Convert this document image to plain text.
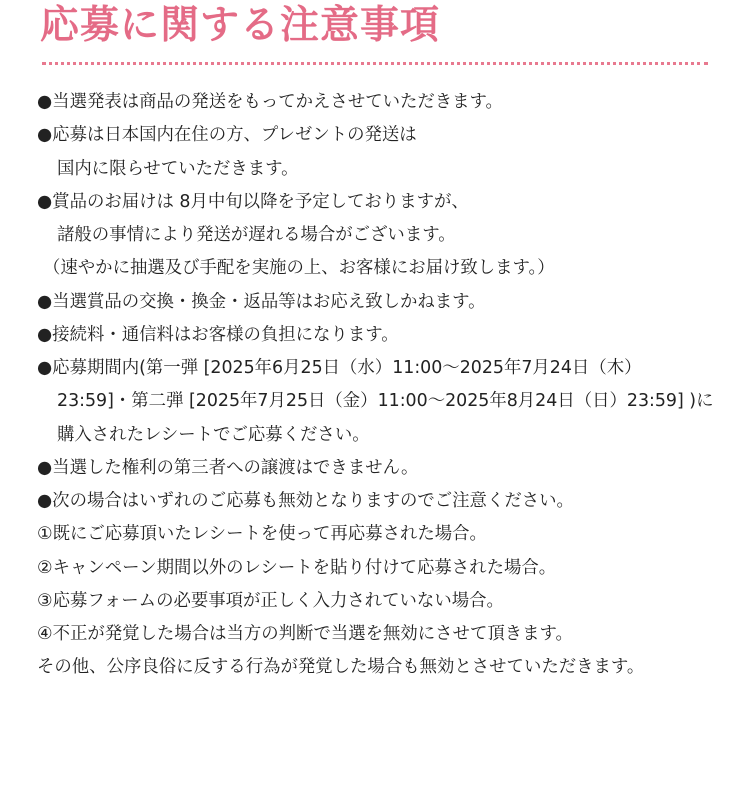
応募に関する注意事項
●当選発表は商品の発送をもってかえさせていただきます。
●応募は日本国内在住の方、プレゼントの発送は
国内に限らせていただきます。
●賞品のお届けは 8月中旬以降を予定しておりますが、
諸般の事情により発送が遅れる場合がございます。
（速やかに抽選及び手配を実施の上、お客様にお届け致します。）
●当選賞品の交換・換金・返品等はお応え致しかねます。
●接続料・通信料はお客様の負担になります。
●応募期間内(第一弾 [2025年6月25日（水）11:00〜2025年7月24日（木）
23:59]・第二弾 [2025年7月25日（金）11:00〜2025年8月24日（日）23:59] )に
購入されたレシートでご応募ください。
●当選した権利の第三者への譲渡はできません。
●次の場合はいずれのご応募も無効となりますのでご注意ください。
①既にご応募頂いたレシートを使って再応募された場合。
②キャンペーン期間以外のレシートを貼り付けて応募された場合。
③応募フォームの必要事項が正しく入力されていない場合。
④不正が発覚した場合は当方の判断で当選を無効にさせて頂きます。
その他、公序良俗に反する行為が発覚した場合も無効とさせていただきます。
